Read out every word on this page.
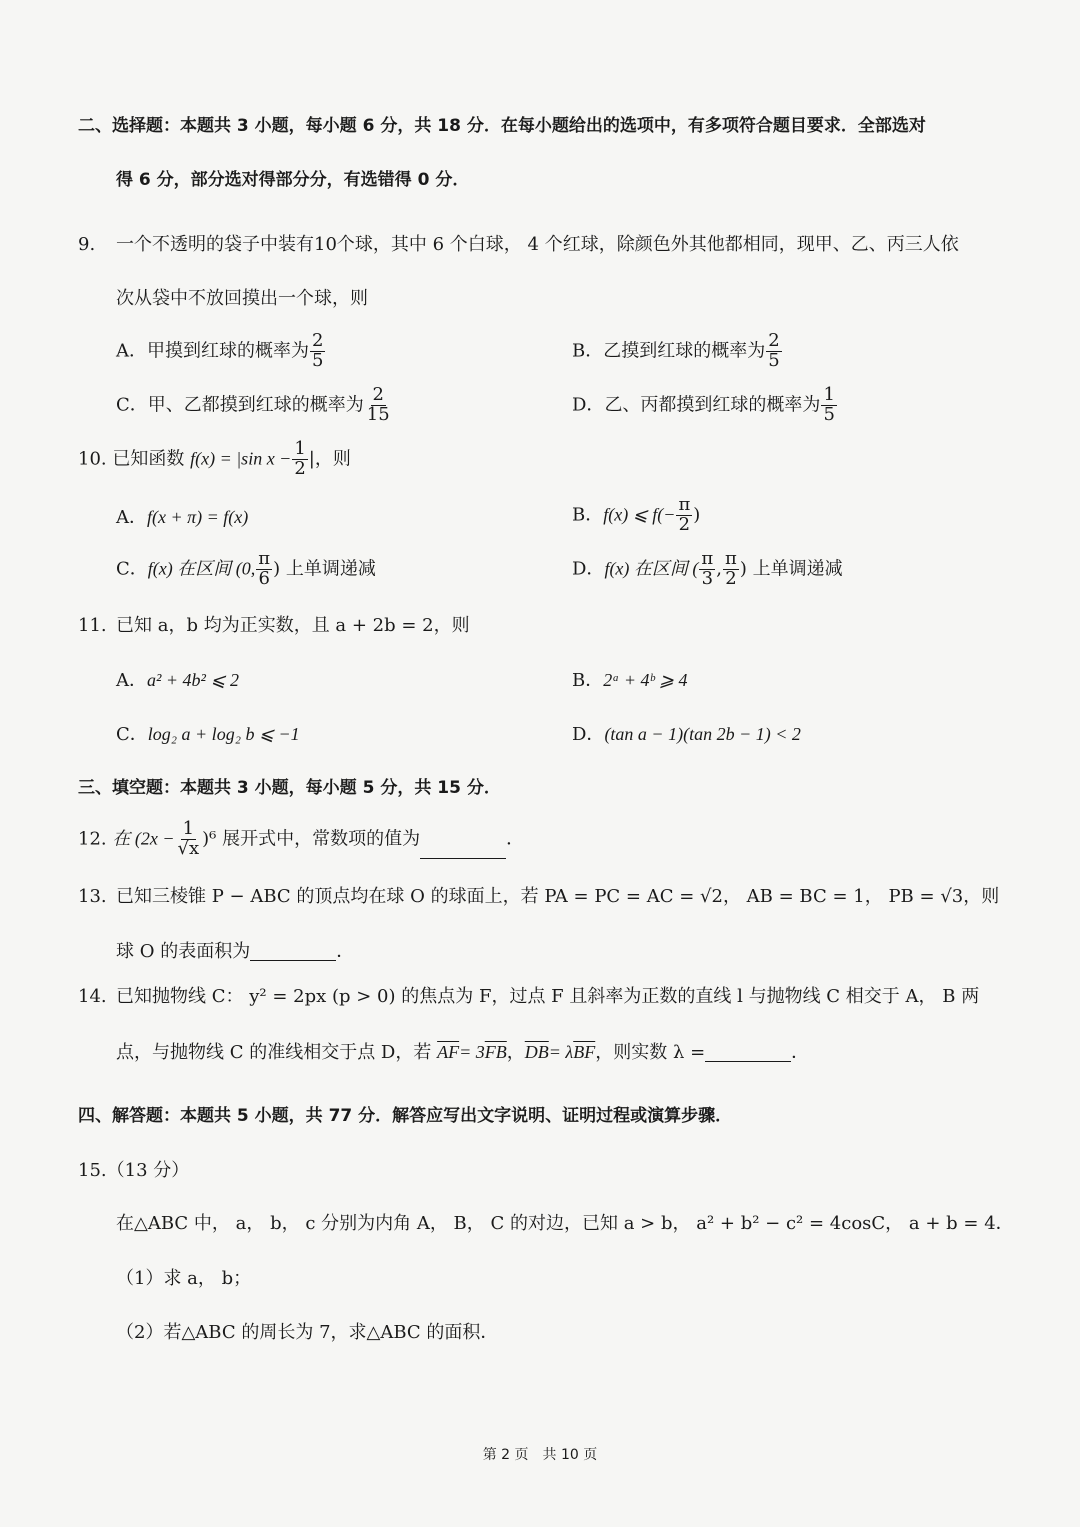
二、选择题：本题共 3 小题，每小题 6 分，共 18 分．在每小题给出的选项中，有多项符合题目要求．全部选对
得 6 分，部分选对得部分分，有选错得 0 分．
9. 一个不透明的袋子中装有10个球，其中 6 个白球， 4 个红球，除颜色外其他都相同，现甲、乙、丙三人依
次从袋中不放回摸出一个球，则
A．甲摸到红球的概率为 $\frac{2}{5}$	B．乙摸到红球的概率为 $\frac{2}{5}$
C．甲、乙都摸到红球的概率为 $\frac{2}{15}$	D．乙、丙都摸到红球的概率为 $\frac{1}{5}$
10. 已知函数 f(x) = |sin $x - \frac{1}{2}$ |，则
A．f(x + π) = f(x)	B．f(x) ⩽ $f(- \frac{\pi}{2}$ )
C．f(x) 在区间 (0, $\frac{\pi}{6}$ ) 上单调递减	D．f(x) 在区间 ( $\frac{\pi}{3}$ , $\frac{\pi}{2}$ ) 上单调递减
11. 已知 a，b 均为正实数，且 a + 2b = 2，则
A．a² + 4b² ⩽ 2	B．2ᵃ + 4ᵇ ⩾ 4
C．log₂ a + log₂ b ⩽ −1	D．(tan a − 1)(tan 2b − 1) < 2
三、填空题：本题共 3 小题，每小题 5 分，共 15 分．
12. 在 $(2x - \frac{1}{√x} )^6$ 展开式中，常数项的值为	．
13. 已知三棱锥 P − ABC 的顶点均在球 O 的球面上，若 PA = PC = AC = √2， AB = BC = 1， PB = √3，则
球 O 的表面积为	．
14. 已知抛物线 C： y² = 2px (p > 0) 的焦点为 F，过点 F 且斜率为正数的直线 l 与抛物线 C 相交于 A， B 两
点，与抛物线 C 的准线相交于点 D，若 $\overline{AF}= 3\overline{FB}$，$\overline{DB}= \lambda\overline{BF}$，则实数 λ =	．
四、解答题：本题共 5 小题，共 77 分．解答应写出文字说明、证明过程或演算步骤．
15.（13 分）
在△ABC 中， a， b， c 分别为内角 A， B， C 的对边，已知 a > b， a² + b² − c² = 4cosC， a + b = 4．
（1）求 a， b；
（2）若△ABC 的周长为 7，求△ABC 的面积．
第 2 页　共 10 页
